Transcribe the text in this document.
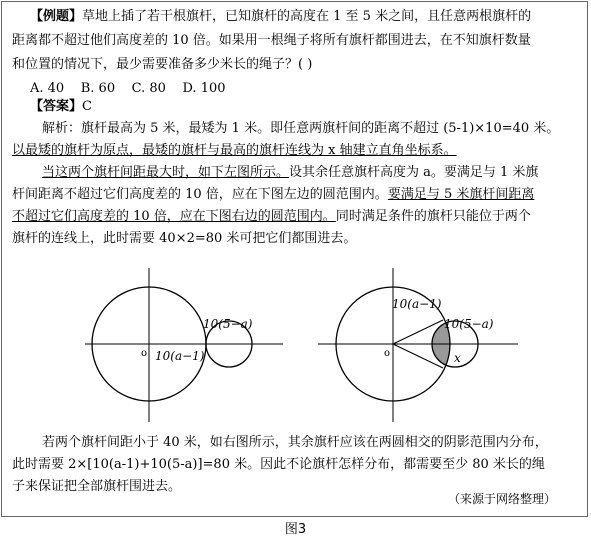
【例题】草地上插了若干根旗杆，已知旗杆的高度在 1 至 5 米之间，且任意两根旗杆的
距离都不超过他们高度差的 10 倍。如果用一根绳子将所有旗杆都围进去，在不知旗杆数量
和位置的情况下，最少需要准备多少米长的绳子？( )
A. 40 B. 60 C. 80 D. 100
【答案】C
解析：旗杆最高为 5 米，最矮为 1 米。即任意两旗杆间的距离不超过 (5-1)×10=40 米。
以最矮的旗杆为原点，最矮的旗杆与最高的旗杆连线为 x 轴建立直角坐标系。
当这两个旗杆间距最大时，如下左图所示。设其余任意旗杆高度为 a。要满足与 1 米旗
杆间距离不超过它们高度差的 10 倍，应在下图左边的圆范围内。要满足与 5 米旗杆间距离
不超过它们高度差的 10 倍，应在下图右边的圆范围内。同时满足条件的旗杆只能位于两个
旗杆的连线上，此时需要 40×2=80 米可把它们都围进去。
o 10(a−1)
10(5−a)
o
10(a−1)
10(5−a)
x
若两个旗杆间距小于 40 米，如右图所示，其余旗杆应该在两圆相交的阴影范围内分布，
此时需要 2×[10(a-1)+10(5-a)]=80 米。因此不论旗杆怎样分布，都需要至少 80 米长的绳
子来保证把全部旗杆围进去。
（来源于网络整理）
图3
